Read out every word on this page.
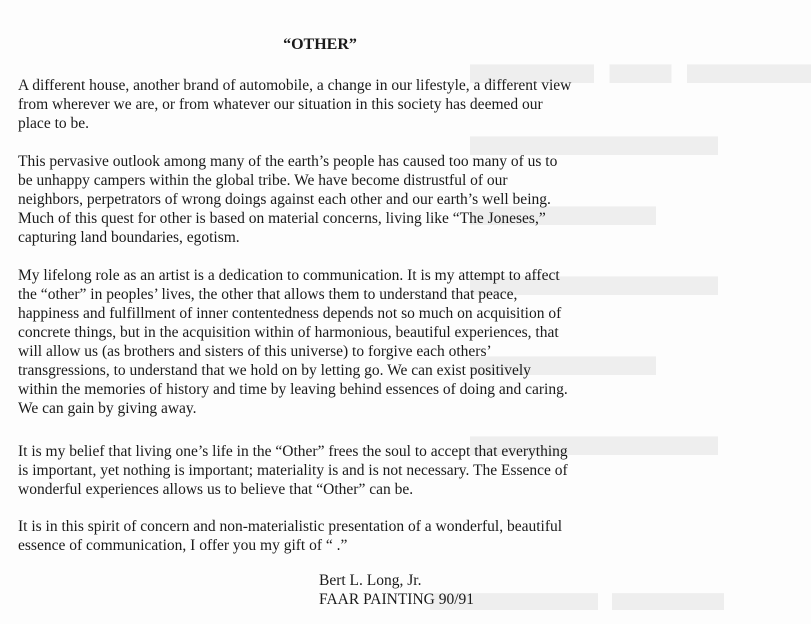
▬▬ ▬ ▬▬
▬▬▬▬
▬▬▬
▬▬▬▬
▬▬▬
▬▬▬▬
▬▬▬ ▬▬
“OTHER”

A different house, another brand of automobile, a change in our lifestyle, a different view
from wherever we are, or from whatever our situation in this society has deemed our
place to be.

This pervasive outlook among many of the earth’s people has caused too many of us to
be unhappy campers within the global tribe. We have become distrustful of our
neighbors, perpetrators of wrong doings against each other and our earth’s well being.
Much of this quest for other is based on material concerns, living like “The Joneses,”
capturing land boundaries, egotism.

My lifelong role as an artist is a dedication to communication. It is my attempt to affect
the “other” in peoples’ lives, the other that allows them to understand that peace,
happiness and fulfillment of inner contentedness depends not so much on acquisition of
concrete things, but in the acquisition within of harmonious, beautiful experiences, that
will allow us (as brothers and sisters of this universe) to forgive each others’
transgressions, to understand that we hold on by letting go. We can exist positively
within the memories of history and time by leaving behind essences of doing and caring.
We can gain by giving away.

It is my belief that living one’s life in the “Other” frees the soul to accept that everything
is important, yet nothing is important; materiality is and is not necessary. The Essence of
wonderful experiences allows us to believe that “Other” can be.

It is in this spirit of concern and non-materialistic presentation of a wonderful, beautiful
essence of communication, I offer you my gift of “ .”

Bert L. Long, Jr.
FAAR PAINTING 90/91
